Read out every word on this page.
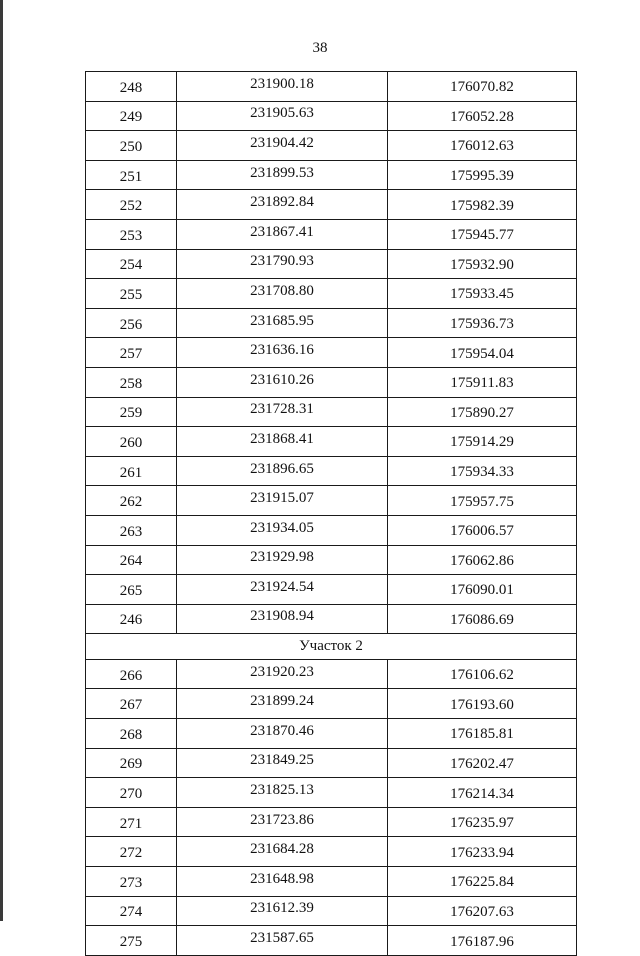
38
248	231900.18	176070.82
249	231905.63	176052.28
250	231904.42	176012.63
251	231899.53	175995.39
252	231892.84	175982.39
253	231867.41	175945.77
254	231790.93	175932.90
255	231708.80	175933.45
256	231685.95	175936.73
257	231636.16	175954.04
258	231610.26	175911.83
259	231728.31	175890.27
260	231868.41	175914.29
261	231896.65	175934.33
262	231915.07	175957.75
263	231934.05	176006.57
264	231929.98	176062.86
265	231924.54	176090.01
246	231908.94	176086.69
Участок 2		
266	231920.23	176106.62
267	231899.24	176193.60
268	231870.46	176185.81
269	231849.25	176202.47
270	231825.13	176214.34
271	231723.86	176235.97
272	231684.28	176233.94
273	231648.98	176225.84
274	231612.39	176207.63
275	231587.65	176187.96
